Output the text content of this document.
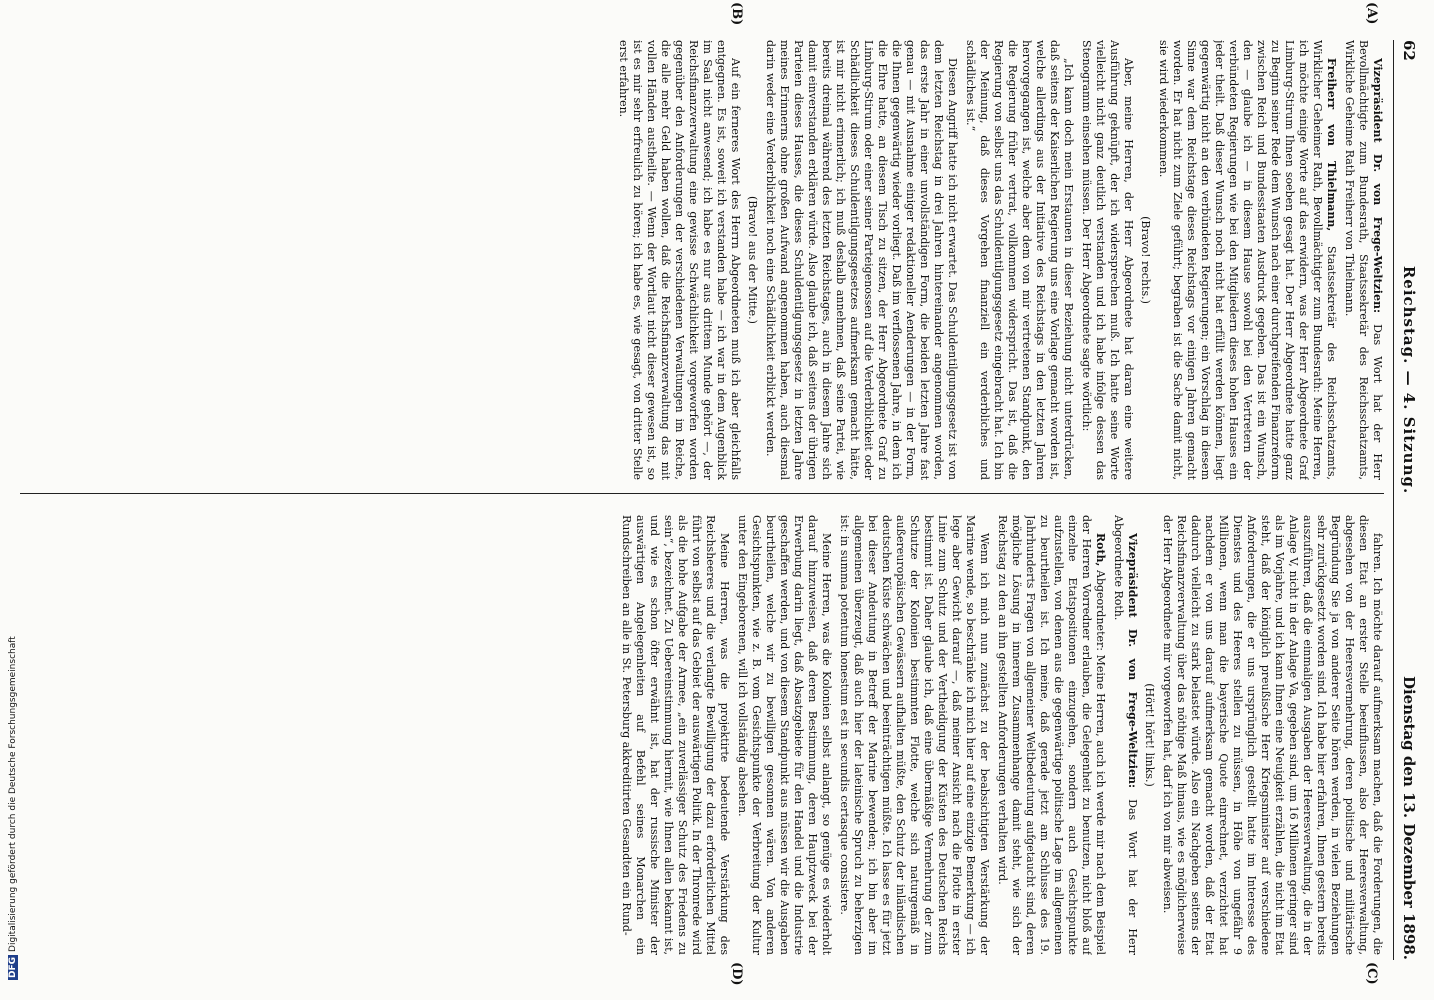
62
Reichstag. — 4. Sitzung.
Dienstag den 13. Dezember 1898.
(A)
(B)
(C)
(D)

Vizepräsident Dr. von Frege-Weltzien: Das Wort hat der Herr Bevollmächtigte zum Bundesrath, Staatssekretär des Reichsschatzamts, Wirkliche Geheime Rath Freiherr von Thielmann.

Freiherr von Thielmann, Staatssekretär des Reichsschatzamts, Wirklicher Geheimer Rath, Bevollmächtigter zum Bundesrath: Meine Herren, ich möchte einige Worte auf das erwidern, was der Herr Abgeordnete Graf Limburg-Stirum Ihnen soeben gesagt hat. Der Herr Abgeordnete hatte ganz zu Beginn seiner Rede dem Wunsch nach einer durchgreifenden Finanzreform zwischen Reich und Bundesstaaten Ausdruck gegeben. Das ist ein Wunsch, den — glaube ich — in diesem Hause sowohl bei den Vertretern der verbündeten Regierungen wie bei den Mitgliedern dieses hohen Hauses ein jeder theilt. Daß dieser Wunsch noch nicht hat erfüllt werden können, liegt gegenwärtig nicht an den verbündeten Regierungen; ein Vorschlag in diesem Sinne war dem Reichstage dieses Reichstags vor einigen Jahren gemacht worden. Er hat nicht zum Ziele geführt; begraben ist die Sache damit nicht, sie wird wiederkommen.

(Bravo! rechts.)

Aber, meine Herren, der Herr Abgeordnete hat daran eine weitere Ausführung geknüpft, der ich widersprechen muß. Ich hatte seine Worte vielleicht nicht ganz deutlich verstanden und ich habe infolge dessen das Stenogramm einsehen müssen. Der Herr Abgeordnete sagte wörtlich:

„Ich kann doch mein Erstaunen in dieser Beziehung nicht unterdrücken, daß seitens der Kaiserlichen Regierung uns eine Vorlage gemacht worden ist, welche allerdings aus der Initiative des Reichstags in den letzten Jahren hervorgegangen ist, welche aber dem von mir vertretenen Standpunkt, den die Regierung früher vertrat, vollkommen widerspricht. Das ist, daß die Regierung von selbst uns das Schuldentilgungsgesetz eingebracht hat. Ich bin der Meinung, daß dieses Vorgehen finanziell ein verderbliches und schädliches ist.“

Diesen Angriff hatte ich nicht erwartet. Das Schuldentilgungsgesetz ist von dem letzten Reichstag in drei Jahren hintereinander angenommen worden, das erste Jahr in einer unvollständigen Form, die beiden letzten Jahre fast genau — mit Ausnahme einiger redaktioneller Aenderungen — in der Form, die Ihnen gegenwärtig wieder vorliegt. Daß im verflossenen Jahre, in dem ich die Ehre hatte, an diesem Tisch zu sitzen, der Herr Abgeordnete Graf zu Limburg-Stirum oder einer seiner Parteigenossen auf die Verderblichkeit oder Schädlichkeit dieses Schuldentilgungsgesetzes aufmerksam gemacht hätte, ist mir nicht erinnerlich; ich muß deshalb annehmen, daß seine Partei, wie bereits dreimal während des letzten Reichstages, auch in diesem Jahre sich damit einverstanden erklären würde. Also glaube ich, daß seitens der übrigen Parteien dieses Hauses, die dieses Schuldentilgungsgesetz in letzten Jahre meines Erinnerns ohne großen Aufwand angenommen haben, auch diesmal darin weder eine Verderblichkeit noch eine Schädlichkeit erblickt werden.

(Bravo! aus der Mitte.)

Auf ein ferneres Wort des Herrn Abgeordneten muß ich aber gleichfalls entgegnen. Es ist, soweit ich verstanden habe — ich war in dem Augenblick im Saal nicht anwesend; ich habe es nur aus drittem Munde gehört —, der Reichsfinanzverwaltung eine gewisse Schwächlichkeit vorgeworfen worden gegenüber den Anforderungen der verschiedenen Verwaltungen im Reiche, die alle mehr Geld haben wollen, daß die Reichsfinanzverwaltung das mit vollen Händen austheilte. — Wenn der Wortlaut nicht dieser gewesen ist, so ist es mir sehr erfreulich zu hören; ich habe es, wie gesagt, von dritter Stelle erst erfahren.

fahren. Ich möchte darauf aufmerksam machen, daß die Forderungen, die diesen Etat an erster Stelle beeinflussen, also der Heeresverwaltung, abgesehen von der Heeresvermehrung, deren politische und militärische Begründung Sie ja von anderer Seite hören werden, in vielen Beziehungen sehr zurückgesetzt worden sind. Ich habe hier erfahren, Ihnen gestern bereits auszuführen, daß die einmaligen Ausgaben der Heeresverwaltung, die in der Anlage V, nicht in der Anlage Va, gegeben sind, um 16 Millionen geringer sind als im Vorjahre, und ich kann Ihnen eine Neuigkeit erzählen, die nicht im Etat steht, daß der königlich preußische Herr Kriegsminister auf verschiedene Anforderungen, die er uns ursprünglich gestellt hatte im Interesse des Dienstes und des Heeres stellen zu müssen, in Höhe von ungefähr 9 Millionen, wenn man die bayerische Quote einrechnet, verzichtet hat nachdem er von uns darauf aufmerksam gemacht worden, daß der Etat dadurch vielleicht zu stark belastet würde. Also ein Nachgeben seitens der Reichsfinanzverwaltung über das nöthige Maß hinaus, wie es möglicherweise der Herr Abgeordnete mir vorgeworfen hat, darf ich von mir abweisen.

(Hört! hört! links.)

Vizepräsident Dr. von Frege-Weltzien: Das Wort hat der Herr Abgeordnete Roth.

Roth, Abgeordneter: Meine Herren, auch ich werde mir nach dem Beispiel der Herren Vorredner erlauben, die Gelegenheit zu benutzen, nicht bloß auf einzelne Etatspositionen einzugehen, sondern auch Gesichtspunkte aufzustellen, von denen aus die gegenwärtige politische Lage im allgemeinen zu beurtheilen ist. Ich meine, daß gerade jetzt am Schlusse des 19. Jahrhunderts Fragen von allgemeiner Weltbedeutung aufgetaucht sind, deren mögliche Lösung in innerem Zusammenhange damit steht, wie sich der Reichstag zu den an ihn gestellten Anforderungen verhalten wird.

Wenn ich mich nun zunächst zu der beabsichtigten Verstärkung der Marine wende, so beschränke ich mich hier auf eine einzige Bemerkung — ich lege aber Gewicht darauf —, daß meiner Ansicht nach die Flotte in erster Linie zum Schutz und der Vertheidigung der Küsten des Deutschen Reichs bestimmt ist. Daher glaube ich, daß eine übermäßige Vermehrung der zum Schutze der Kolonien bestimmten Flotte, welche sich naturgemäß in außereuropäischen Gewässern aufhalten müßte, den Schutz der inländischen deutschen Küste schwächen und beeinträchtigen müßte. Ich lasse es für jetzt bei dieser Andeutung in Betreff der Marine bewenden; ich bin aber im allgemeinen überzeugt, daß auch hier der lateinische Spruch zu beherzigen ist: in summa potentum honestum est in secundis certasque consistere.

Meine Herren, was die Kolonien selbst anlangt, so genüge es wiederholt darauf hinzuweisen, daß deren Bestimmung, deren Hauptzweck bei der Erwerbung darin liegt, daß Absatzgebiete für den Handel und die Industrie geschaffen werden, und von diesem Standpunkt aus müssen wir die Ausgaben beurtheilen, welche wir zu bewilligen gesonnen wären. Von anderen Gesichtspunkten, wie z. B. vom Gesichtspunkte der Verbreitung der Kultur unter den Eingeborenen, will ich vollständig absehen.

Meine Herren, was die projektirte bedeutende Verstärkung des Reichsheeres und die verlangte Bewilligung der dazu erforderlichen Mittel führt von selbst auf das Gebiet der auswärtigen Politik. In der Thronrede wird als die hohe Aufgabe der Armee, „ein zuverlässiger Schutz des Friedens zu sein“, bezeichnet. Zu Uebereinstimmung hiermit, wie Ihnen allen bekannt ist, und wie es schon öfter erwähnt ist, hat der russische Minister der auswärtigen Angelegenheiten auf Befehl seines Monarchen ein Rundschreiben an alle in St. Petersburg akkreditirten Gesandten ein Rund-

DFGDigitalisierung gefördert durch die Deutsche Forschungsgemeinschaft
